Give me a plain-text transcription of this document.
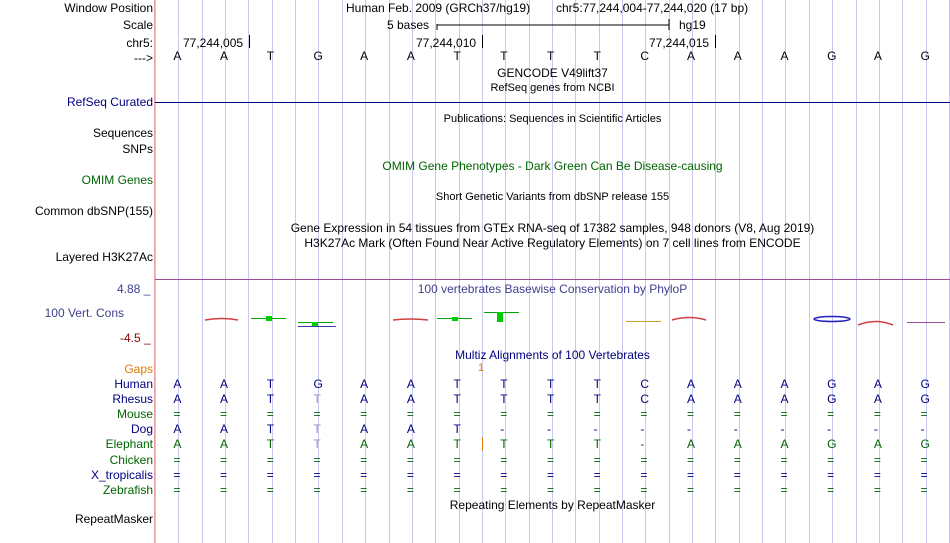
Window Position	Human Feb. 2009 (GRCh37/hg19) chr5:77,244,004-77,244,020 (17 bp)
Scale	5 bases	hg19
chr5:	77,244,005	77,244,010	77,244,015
---> A	A	T	G	A	A	T	T	T	T	C	A	A	A	G	A	G
GENCODE V49lift37
RefSeq genes from NCBI
RefSeq Curated
Publications: Sequences in Scientific Articles
Sequences
SNPs
OMIM Gene Phenotypes - Dark Green Can Be Disease-causing
OMIM Genes
Short Genetic Variants from dbSNP release 155
Common dbSNP(155)
Gene Expression in 54 tissues from GTEx RNA-seq of 17382 samples, 948 donors (V8, Aug 2019)
H3K27Ac Mark (Often Found Near Active Regulatory Elements) on 7 cell lines from ENCODE
Layered H3K27Ac
100 vertebrates Basewise Conservation by PhyloP
4.88 _
100 Vert. Cons
-4.5 _
Multiz Alignments of 100 Vertebrates
Gaps	1
Human A	A	T	G	A	A	T	T	T	T	C	A	A	A	G	A	G
Rhesus A	A	T	T	A	A	T	T	T	T	C	A	A	A	G	A	G
Mouse =	=	=	=	=	=	=	=	=	=	=	=	=	=	=	=	=
Dog A	A	T	T	A	A	T	-	-	-	-	-	-	-	-	-	-
Elephant A	A	T	T	A	A	T	T	T	T	-	A	A	A	G	A	G
Chicken =	=	=	=	=	=	=	=	=	=	=	=	=	=	=	=	=
X_tropicalis =	=	=	=	=	=	=	=	=	=	=	=	=	=	=	=	=
Zebrafish =	=	=	=	=	=	=	=	=	=	=	=	=	=	=	=	=
Repeating Elements by RepeatMasker
RepeatMasker
